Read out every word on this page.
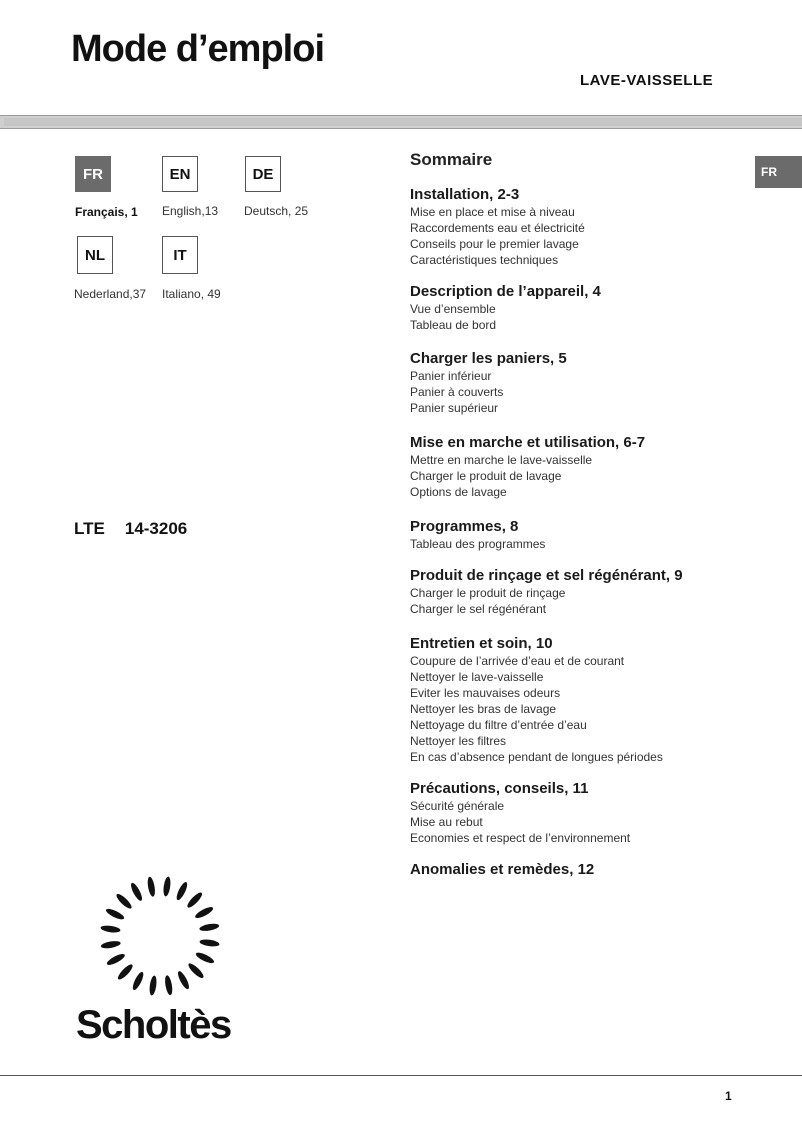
Mode d’emploi
LAVE-VAISSELLE
FR	EN	DE
NL	IT
Français, 1 English,13 Deutsch, 25
Nederland,37 Italiano, 49
LTE 14-3206
Sommaire
Installation, 2-3
Mise en place et mise à niveau
Raccordements eau et électricité
Conseils pour le premier lavage
Caractéristiques techniques
Description de l’appareil, 4
Vue d’ensemble
Tableau de bord
Charger les paniers, 5
Panier inférieur
Panier à couverts
Panier supérieur
Mise en marche et utilisation, 6-7
Mettre en marche le lave-vaisselle
Charger le produit de lavage
Options de lavage
Programmes, 8
Tableau des programmes
Produit de rinçage et sel régénérant, 9
Charger le produit de rinçage
Charger le sel régénérant
Entretien et soin, 10
Coupure de l’arrivée d’eau et de courant
Nettoyer le lave-vaisselle
Eviter les mauvaises odeurs
Nettoyer les bras de lavage
Nettoyage du filtre d’entrée d’eau
Nettoyer les filtres
En cas d’absence pendant de longues périodes
Précautions, conseils, 11
Sécurité générale
Mise au rebut
Economies et respect de l’environnement
Anomalies et remèdes, 12
FR
Scholtès
1
